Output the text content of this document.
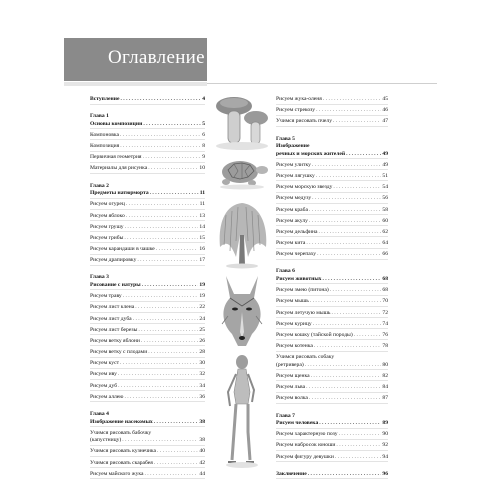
Оглавление
Вступление . . .	4
Глава 1
Основы композиции . . .	5
Компоновка . . .	6
Композиция . . .	8
Первичная геометрия . . .	9
Материалы для рисунка . . .	10
Глава 2
Предметы натюрморта . . .	11
Рисуем огурец . . .	11
Рисуем яблоко . . .	13
Рисуем грушу . . .	14
Рисуем грибы . . .	15
Рисуем карандаши в чашке . . .	16
Рисуем драпировку . . .	17
Глава 3
Рисование с натуры . . .	19
Рисуем траву . . .	19
Рисуем лист клена . . .	22
Рисуем лист дуба . . .	24
Рисуем лист березы . . .	25
Рисуем ветку яблони . . .	26
Рисуем ветку с плодами . . .	28
Рисуем куст . . .	30
Рисуем иву . . .	32
Рисуем дуб . . .	34
Рисуем аллею . . .	36
Глава 4
Изображение насекомых . . .	38
Учимся рисовать бабочку
(капустницу) . . .	38
Учимся рисовать кузнечика . . .	40
Учимся рисовать скарабея . . .	42
Рисуем майского жука . . .	44
Рисуем жука-оленя . . .	45
Рисуем стрекозу . . .	46
Учимся рисовать пчелу . . .	47
Глава 5
Изображение
речных и морских жителей . . .	49
Рисуем улитку . . .	49
Рисуем лягушку . . .	51
Рисуем морскую звезду . . .	54
Рисуем медузу . . .	56
Рисуем краба . . .	58
Рисуем акулу . . .	60
Рисуем дельфина . . .	62
Рисуем кита . . .	64
Рисуем черепаху . . .	66
Глава 6
Рисуем животных . . .	68
Рисуем змею (питона) . . .	68
Рисуем мышь . . .	70
Рисуем летучую мышь . . .	72
Рисуем курицу . . .	74
Рисуем кошку (тайской породы) . . .	76
Рисуем котенка . . .	78
Учимся рисовать собаку
(ретривера) . . .	80
Рисуем щенка . . .	82
Рисуем льва . . .	84
Рисуем волка . . .	87
Глава 7
Рисуем человека . . .	89
Рисуем характерную позу . . .	90
Рисуем набросок юноши . . .	92
Рисуем фигуру девушки . . .	94
Заключение . . .	96
